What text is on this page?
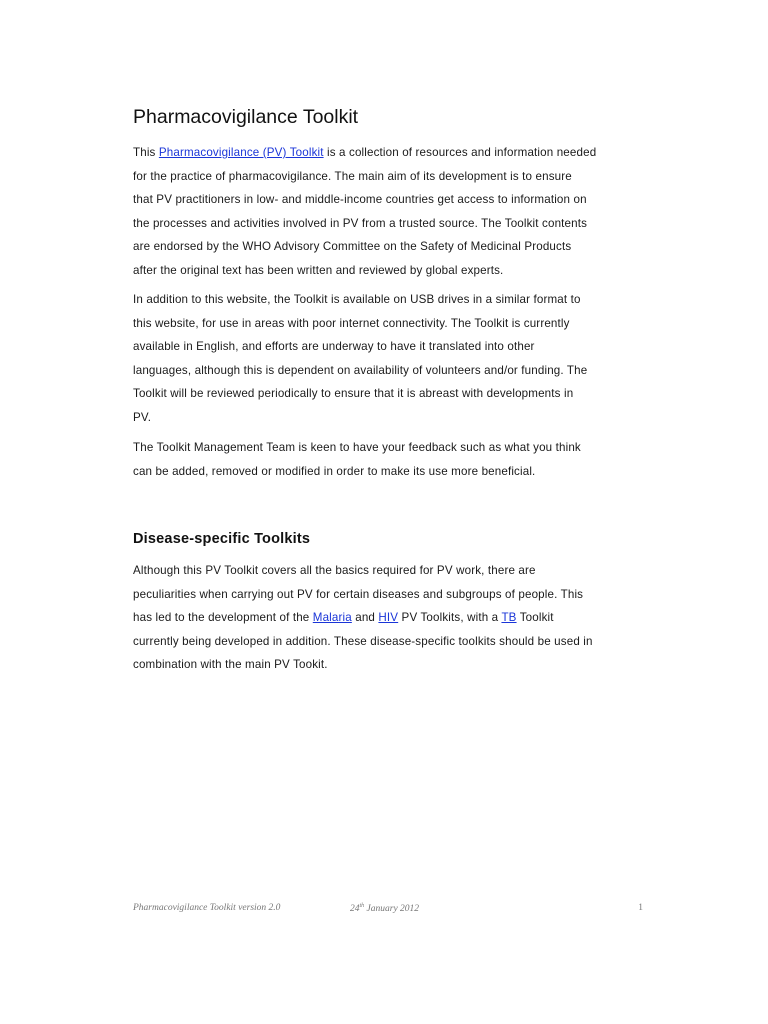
Pharmacovigilance Toolkit
This Pharmacovigilance (PV) Toolkit is a collection of resources and information needed
for the practice of pharmacovigilance. The main aim of its development is to ensure
that PV practitioners in low- and middle-income countries get access to information on
the processes and activities involved in PV from a trusted source. The Toolkit contents
are endorsed by the WHO Advisory Committee on the Safety of Medicinal Products
after the original text has been written and reviewed by global experts.
In addition to this website, the Toolkit is available on USB drives in a similar format to
this website, for use in areas with poor internet connectivity. The Toolkit is currently
available in English, and efforts are underway to have it translated into other
languages, although this is dependent on availability of volunteers and/or funding. The
Toolkit will be reviewed periodically to ensure that it is abreast with developments in
PV.
The Toolkit Management Team is keen to have your feedback such as what you think
can be added, removed or modified in order to make its use more beneficial.
Disease-specific Toolkits
Although this PV Toolkit covers all the basics required for PV work, there are
peculiarities when carrying out PV for certain diseases and subgroups of people. This
has led to the development of the Malaria and HIV PV Toolkits, with a TB Toolkit
currently being developed in addition. These disease-specific toolkits should be used in
combination with the main PV Tookit.
Pharmacovigilance Toolkit version 2.0	24th January 2012	1
